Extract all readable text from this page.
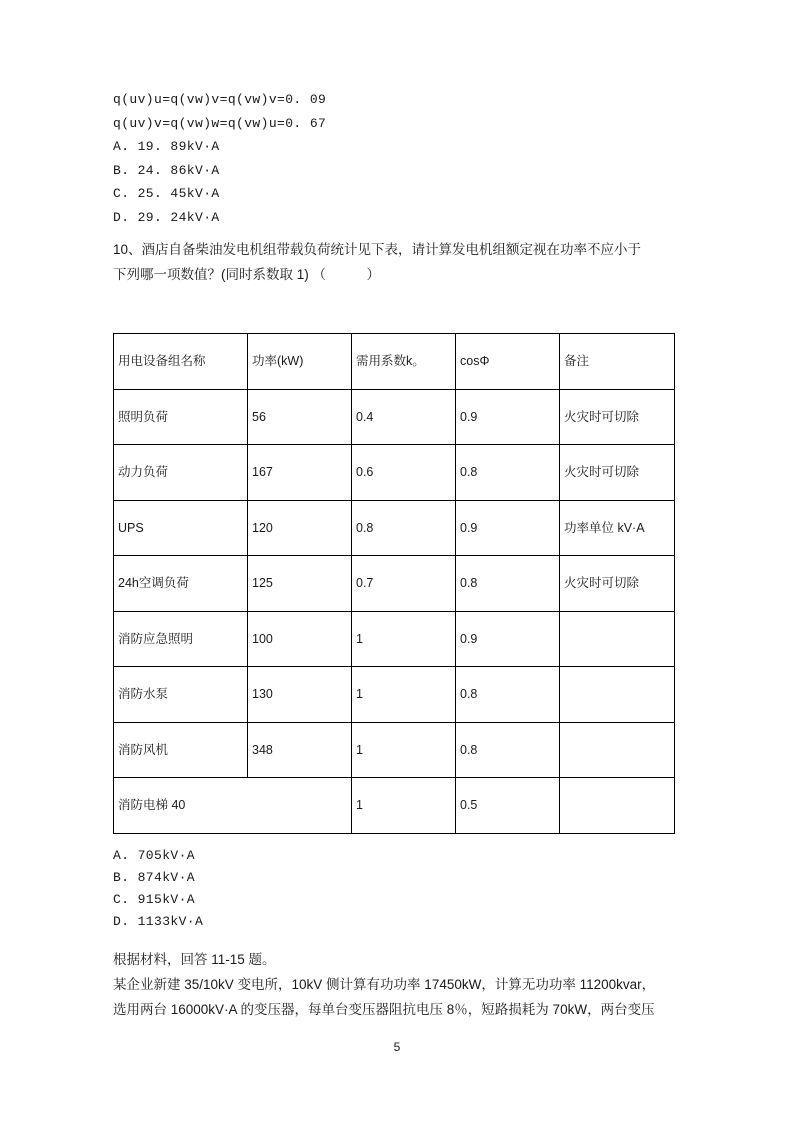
q(uv)u=q(vw)v=q(vw)v=0. 09
q(uv)v=q(vw)w=q(vw)u=0. 67
A. 19. 89kV·A
B. 24. 86kV·A
C. 25. 45kV·A
D. 29. 24kV·A
10、酒店自备柴油发电机组带载负荷统计见下表，请计算发电机组额定视在功率不应小于
下列哪一项数值？(同时系数取 1) （　　　）
用电设备组名称	功率(kW)	需用系数k。	cosΦ	备注
照明负荷	56	0.4	0.9	火灾时可切除
动力负荷	167	0.6	0.8	火灾时可切除
UPS	120	0.8	0.9	功率单位 kV·A
24h空调负荷	125	0.7	0.8	火灾时可切除
消防应急照明	100	1	0.9	
消防水泵	130	1	0.8	
消防风机	348	1	0.8	
消防电梯 40		1	0.5	
A. 705kV·A
B. 874kV·A
C. 915kV·A
D. 1133kV·A
根据材料，回答 11-15 题。
某企业新建 35/10kV 变电所，10kV 侧计算有功功率 17450kW，计算无功功率 11200kvar，
选用两台 16000kV·A 的变压器，每单台变压器阻抗电压 8％，短路损耗为 70kW，两台变压
5
